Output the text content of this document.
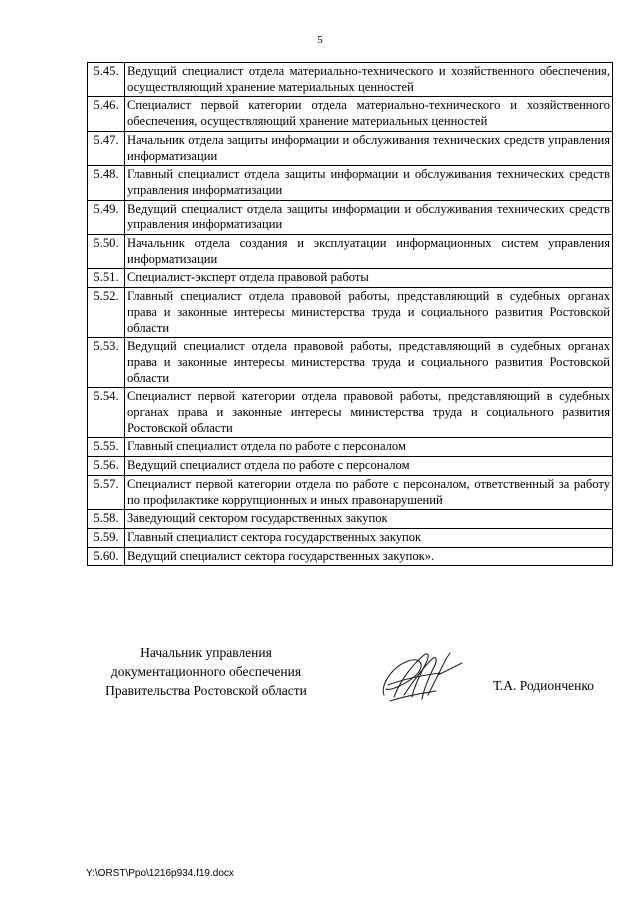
5
5.45.	Ведущий специалист отдела материально-технического и хозяйственного обеспечения, осуществляющий хранение материальных ценностей
5.46.	Специалист первой категории отдела материально-технического и хозяйственного обеспечения, осуществляющий хранение материальных ценностей
5.47.	Начальник отдела защиты информации и обслуживания технических средств управления информатизации
5.48.	Главный специалист отдела защиты информации и обслуживания технических средств управления информатизации
5.49.	Ведущий специалист отдела защиты информации и обслуживания технических средств управления информатизации
5.50.	Начальник отдела создания и эксплуатации информационных систем управления информатизации
5.51.	Специалист-эксперт отдела правовой работы
5.52.	Главный специалист отдела правовой работы, представляющий в судебных органах права и законные интересы министерства труда и социального развития Ростовской области
5.53.	Ведущий специалист отдела правовой работы, представляющий в судебных органах права и законные интересы министерства труда и социального развития Ростовской области
5.54.	Специалист первой категории отдела правовой работы, представляющий в судебных органах права и законные интересы министерства труда и социального развития Ростовской области
5.55.	Главный специалист отдела по работе с персоналом
5.56.	Ведущий специалист отдела по работе с персоналом
5.57.	Специалист первой категории отдела по работе с персоналом, ответственный за работу по профилактике коррупционных и иных правонарушений
5.58.	Заведующий сектором государственных закупок
5.59.	Главный специалист сектора государственных закупок
5.60.	Ведущий специалист сектора государственных закупок».
Начальник управления
документационного обеспечения
Правительства Ростовской области	Т.А. Родионченко
Y:\ORST\Ppo\1216p934.f19.docx
